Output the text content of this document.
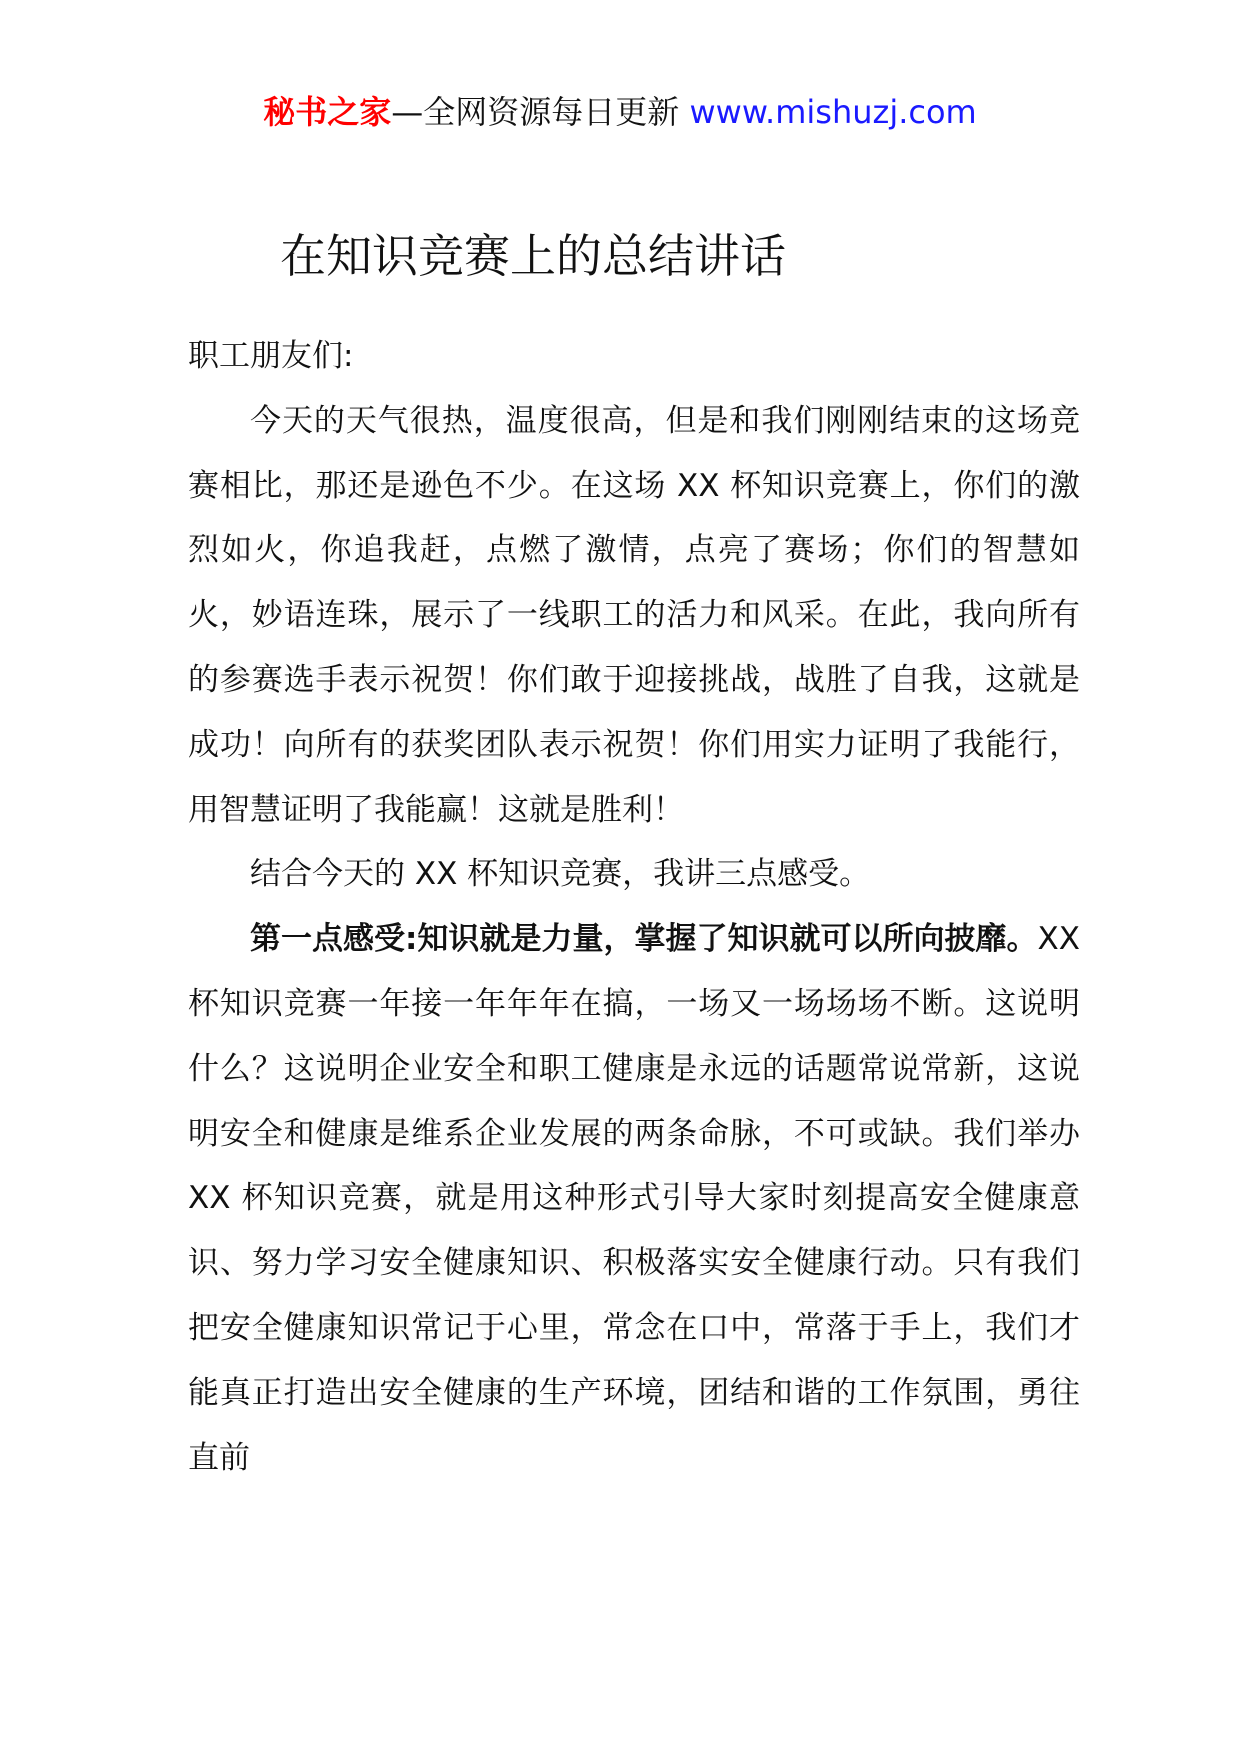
秘书之家—全网资源每日更新 www.mishuzj.com
在知识竞赛上的总结讲话

职工朋友们:

今天的天气很热，温度很高，但是和我们刚刚结束的这场竞赛相比，那还是逊色不少。在这场 XX 杯知识竞赛上，你们的激烈如火，你追我赶，点燃了激情，点亮了赛场；你们的智慧如火，妙语连珠，展示了一线职工的活力和风采。在此，我向所有的参赛选手表示祝贺！你们敢于迎接挑战，战胜了自我，这就是成功！向所有的获奖团队表示祝贺！你们用实力证明了我能行，用智慧证明了我能赢！这就是胜利！

结合今天的 XX 杯知识竞赛，我讲三点感受。

第一点感受:知识就是力量，掌握了知识就可以所向披靡。XX 杯知识竞赛一年接一年年年在搞，一场又一场场场不断。这说明什么？这说明企业安全和职工健康是永远的话题常说常新，这说明安全和健康是维系企业发展的两条命脉，不可或缺。我们举办 XX 杯知识竞赛，就是用这种形式引导大家时刻提高安全健康意识、努力学习安全健康知识、积极落实安全健康行动。只有我们把安全健康知识常记于心里，常念在口中，常落于手上，我们才能真正打造出安全健康的生产环境，团结和谐的工作氛围，勇往直前
